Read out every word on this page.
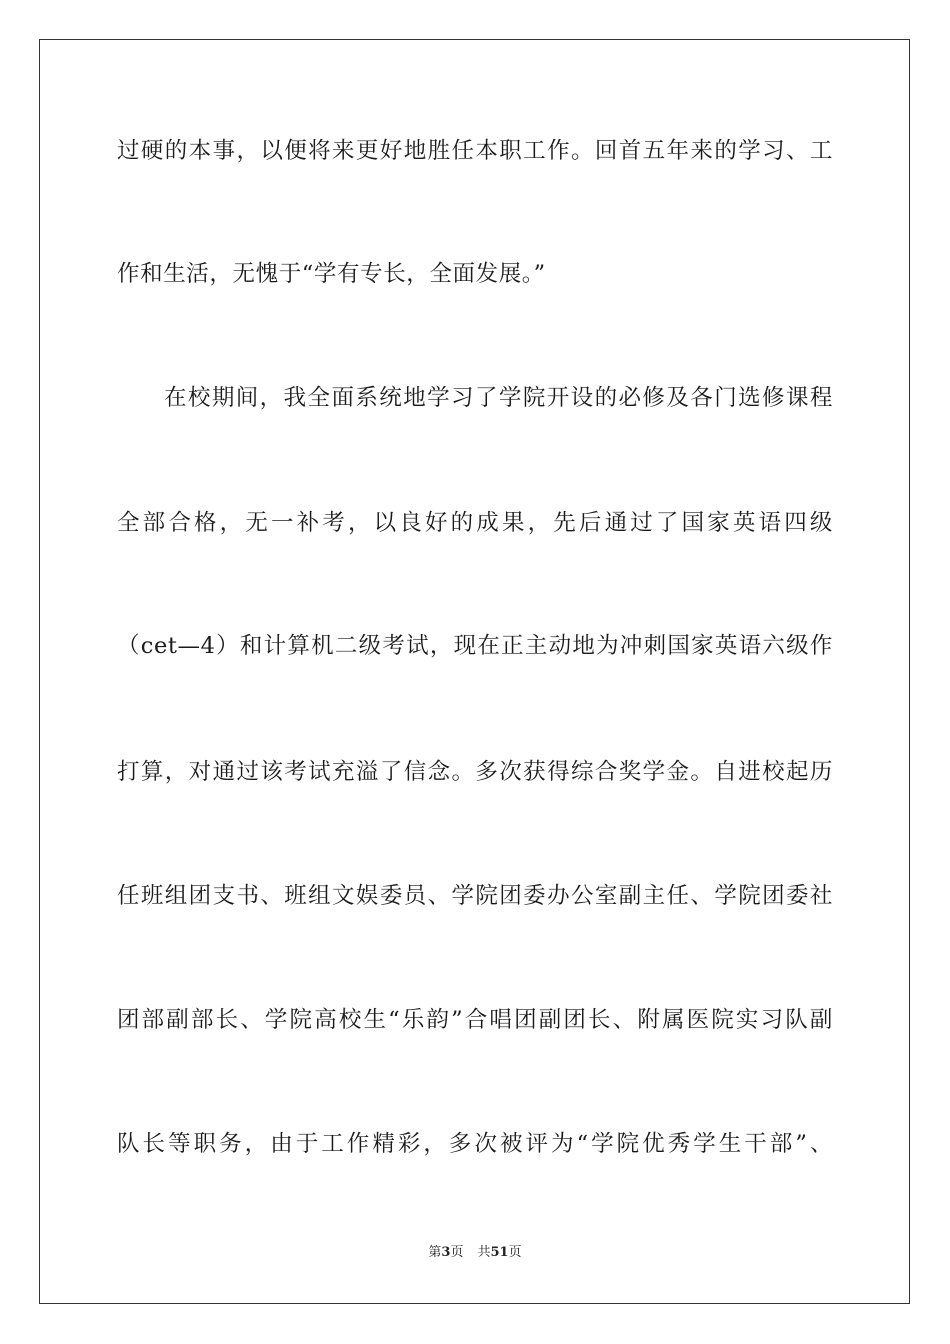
过硬的本事，以便将来更好地胜任本职工作。回首五年来的学习、工
作和生活，无愧于“学有专长，全面发展。”
在校期间，我全面系统地学习了学院开设的必修及各门选修课程
全部合格，无一补考，以良好的成果，先后通过了国家英语四级
（cet—4）和计算机二级考试，现在正主动地为冲刺国家英语六级作
打算，对通过该考试充溢了信念。多次获得综合奖学金。自进校起历
任班组团支书、班组文娱委员、学院团委办公室副主任、学院团委社
团部副部长、学院高校生“乐韵”合唱团副团长、附属医院实习队副
队长等职务，由于工作精彩，多次被评为“学院优秀学生干部”、
第3页 共51页
